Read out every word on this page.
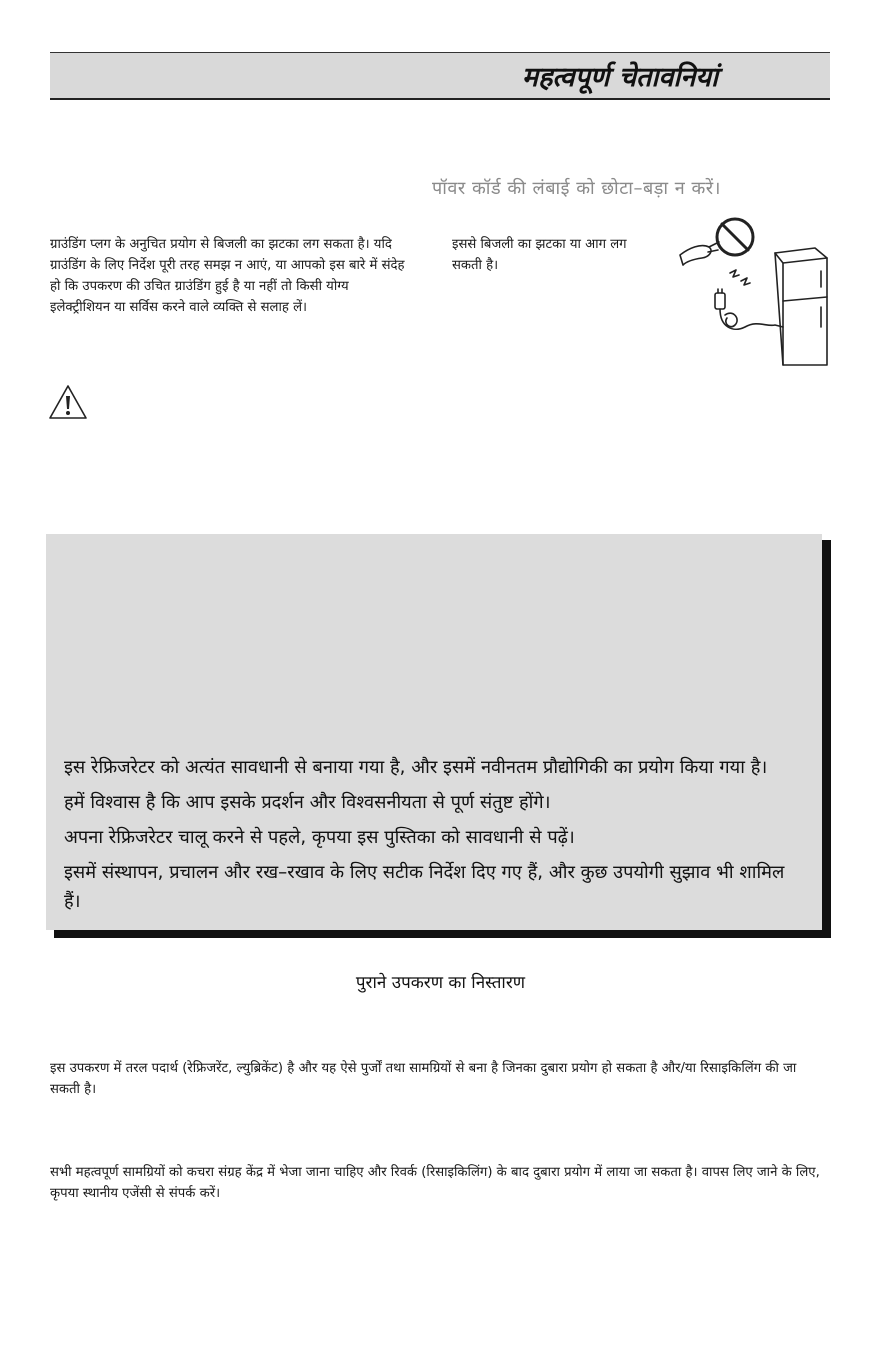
महत्वपूर्ण चेतावनियां
पॉवर कॉर्ड की लंबाई को छोटा–बड़ा न करें।
इससे बिजली का झटका या आग लग सकती है।
ग्राउंडिंग प्लग के अनुचित प्रयोग से बिजली का झटका लग सकता है। यदि ग्राउंडिंग के लिए निर्देश पूरी तरह समझ न आएं, या आपको इस बारे में संदेह हो कि उपकरण की उचित ग्राउंडिंग हुई है या नहीं तो किसी योग्य इलेक्ट्रीशियन या सर्विस करने वाले व्यक्ति से सलाह लें।

इस रेफ्रिजरेटर को अत्यंत सावधानी से बनाया गया है, और इसमें नवीनतम प्रौद्योगिकी का प्रयोग किया गया है।

हमें विश्वास है कि आप इसके प्रदर्शन और विश्वसनीयता से पूर्ण संतुष्ट होंगे।

अपना रेफ्रिजरेटर चालू करने से पहले, कृपया इस पुस्तिका को सावधानी से पढ़ें।

इसमें संस्थापन, प्रचालन और रख–रखाव के लिए सटीक निर्देश दिए गए हैं, और कुछ उपयोगी सुझाव भी शामिल हैं।

पुराने उपकरण का निस्तारण
इस उपकरण में तरल पदार्थ (रेफ्रिजरेंट, ल्युब्रिकेंट) है और यह ऐसे पुर्जों तथा सामग्रियों से बना है जिनका दुबारा प्रयोग हो सकता है और/या रिसाइकिलिंग की जा सकती है।
सभी महत्वपूर्ण सामग्रियों को कचरा संग्रह केंद्र में भेजा जाना चाहिए और रिवर्क (रिसाइकिलिंग) के बाद दुबारा प्रयोग में लाया जा सकता है। वापस लिए जाने के लिए, कृपया स्थानीय एजेंसी से संपर्क करें।
